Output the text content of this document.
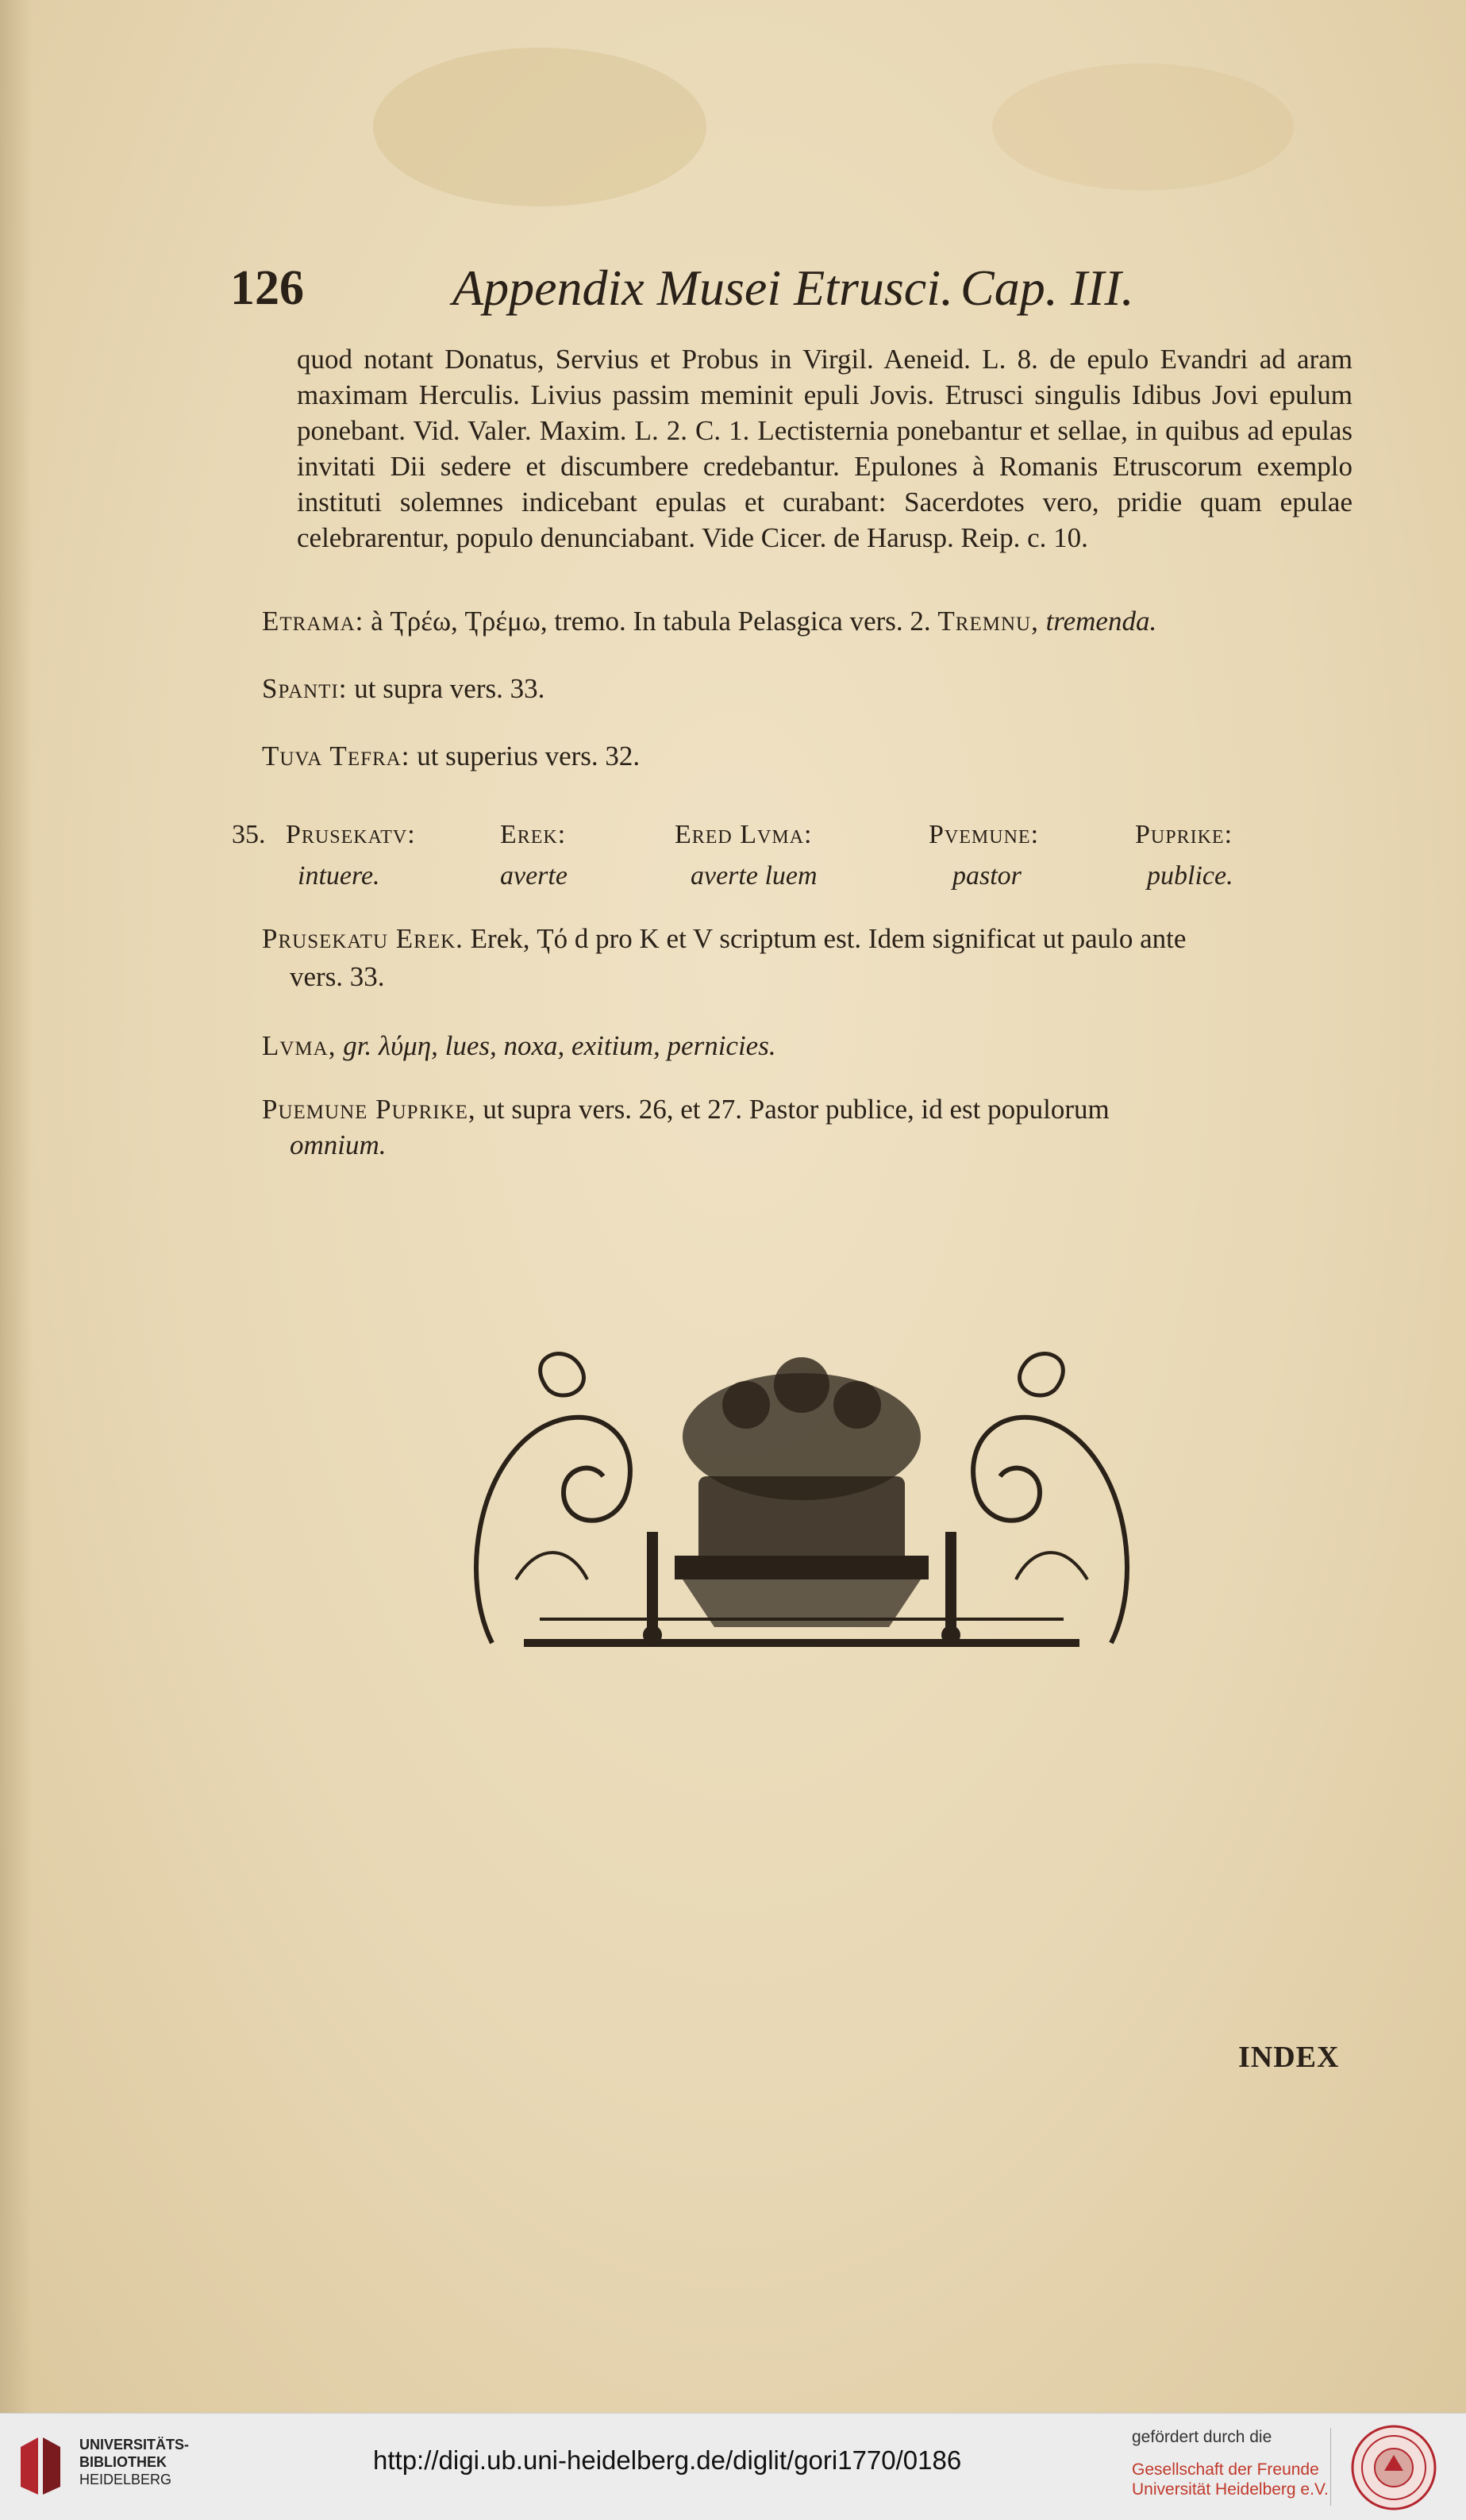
126	Appendix Musei Etrusci. Cap. III.
quod notant Donatus, Servius et Probus in Virgil. Aeneid. L. 8. de epulo Evandri ad aram maximam Herculis. Livius passim meminit epuli Jovis. Etrusci singulis Idibus Jovi epulum ponebant. Vid. Valer. Maxim. L. 2. C. 1. Lectisternia ponebantur et sellae, in quibus ad epulas invitati Dii sedere et discumbere credebantur. Epulones à Romanis Etruscorum exemplo instituti solemnes indicebant epulas et curabant: Sacerdotes vero, pridie quam epulae celebrarentur, populo denunciabant. Vide Cicer. de Harusp. Reip. c. 10.
Etrama: à Ҭρέω, Ҭρέμω, tremo. In tabula Pelasgica vers. 2. Tremnu, tremenda.
Spanti: ut supra vers. 33.
Tuva Tefra: ut superius vers. 32.
35. Prusekatv:	Erek:	Ered Lvma:	Pvemune:	Puprike:
intuere.	averte	averte luem	pastor	publice.
Prusekatu Erek. Erek, Ҭό d pro K et V scriptum est. Idem significat ut paulo ante
vers. 33.
Lvma, gr. λύμη, lues, noxa, exitium, pernicies.
Puemune Puprike, ut supra vers. 26, et 27. Pastor publice, id est populorum
omnium.
INDEX
UNIVERSITÄTS-
BIBLIOTHEK
HEIDELBERG
http://digi.ub.uni-heidelberg.de/diglit/gori1770/0186
gefördert durch die
Gesellschaft der Freunde
Universität Heidelberg e.V.
